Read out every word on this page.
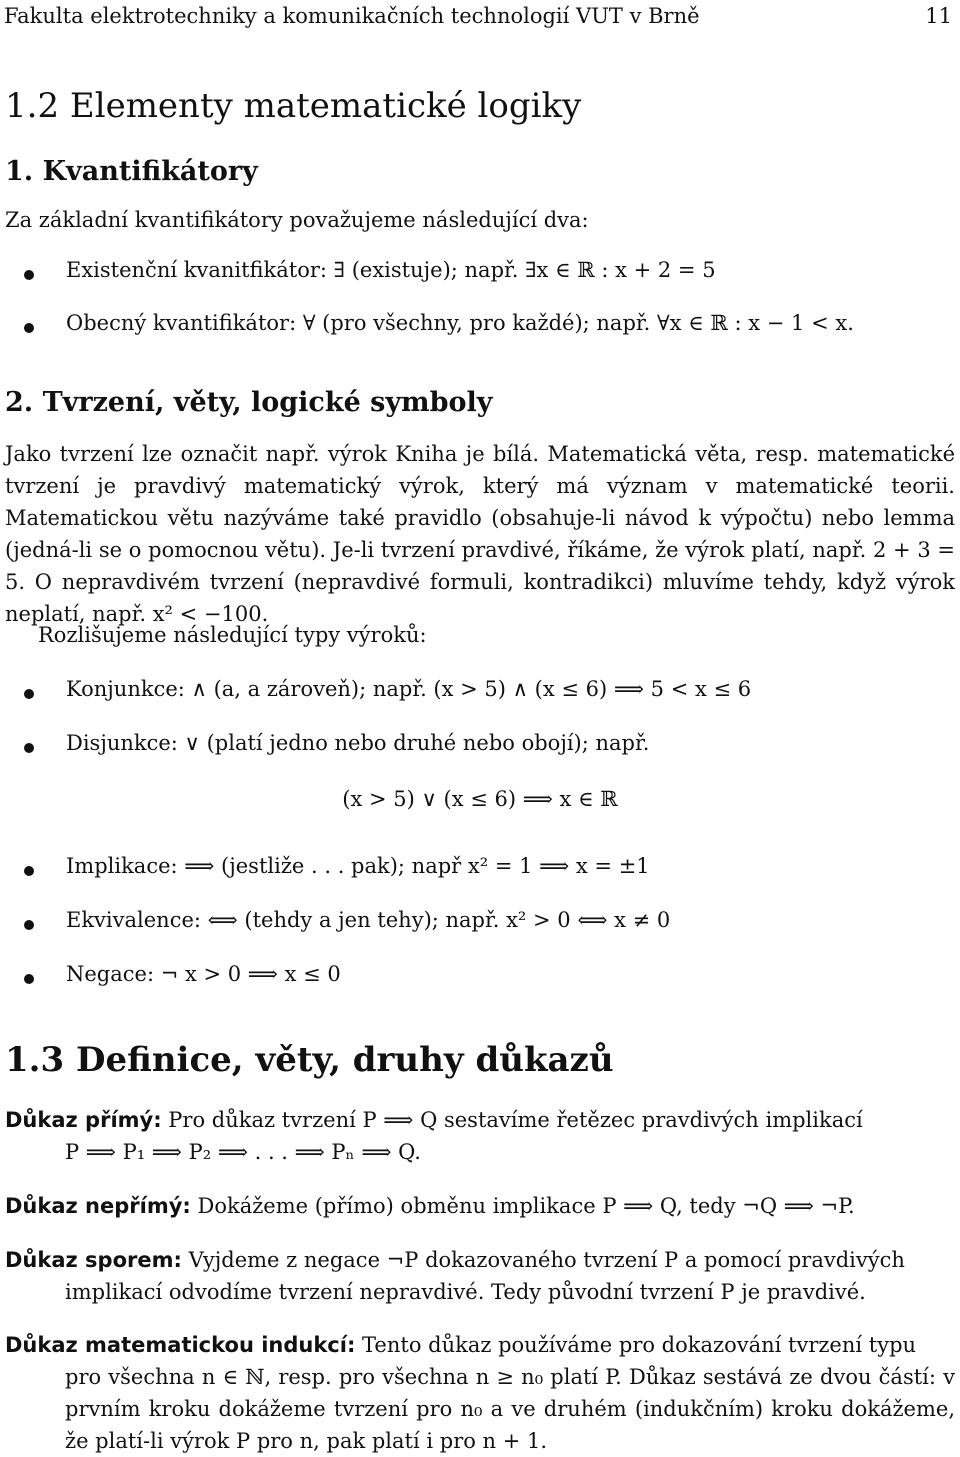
Fakulta elektrotechniky a komunikačních technologií VUT v Brně	11
1.2 Elementy matematické logiky
1. Kvantifikátory
Za základní kvantifikátory považujeme následující dva:
Existenční kvanitfikátor: ∃ (existuje); např. ∃x ∈ ℝ : x + 2 = 5
Obecný kvantifikátor: ∀ (pro všechny, pro každé); např. ∀x ∈ ℝ : x − 1 < x.
2. Tvrzení, věty, logické symboly
Jako tvrzení lze označit např. výrok Kniha je bílá. Matematická věta, resp. matematické tvrzení je pravdivý matematický výrok, který má význam v matematické teorii. Matematickou větu nazýváme také pravidlo (obsahuje-li návod k výpočtu) nebo lemma (jedná-li se o pomocnou větu). Je-li tvrzení pravdivé, říkáme, že výrok platí, např. 2 + 3 = 5. O nepravdivém tvrzení (nepravdivé formuli, kontradikci) mluvíme tehdy, když výrok neplatí, např. x² < −100.
Rozlišujeme následující typy výroků:
Konjunkce: ∧ (a, a zároveň); např. (x > 5) ∧ (x ≤ 6) ⟹ 5 < x ≤ 6
Disjunkce: ∨ (platí jedno nebo druhé nebo obojí); např.
(x > 5) ∨ (x ≤ 6) ⟹ x ∈ ℝ
Implikace: ⟹ (jestliže . . . pak); např x² = 1 ⟹ x = ±1
Ekvivalence: ⟺ (tehdy a jen tehy); např. x² > 0 ⟺ x ≠ 0
Negace: ¬ x > 0 ⟹ x ≤ 0
1.3 Definice, věty, druhy důkazů
Důkaz přímý: Pro důkaz tvrzení P ⟹ Q sestavíme řetězec pravdivých implikací
P ⟹ P₁ ⟹ P₂ ⟹ . . . ⟹ Pₙ ⟹ Q.
Důkaz nepřímý: Dokážeme (přímo) obměnu implikace P ⟹ Q, tedy ¬Q ⟹ ¬P.
Důkaz sporem: Vyjdeme z negace ¬P dokazovaného tvrzení P a pomocí pravdivých
implikací odvodíme tvrzení nepravdivé. Tedy původní tvrzení P je pravdivé.
Důkaz matematickou indukcí: Tento důkaz používáme pro dokazování tvrzení typu
pro všechna n ∈ ℕ, resp. pro všechna n ≥ n₀ platí P. Důkaz sestává ze dvou částí: v prvním kroku dokážeme tvrzení pro n₀ a ve druhém (indukčním) kroku dokážeme, že platí-li výrok P pro n, pak platí i pro n + 1.
